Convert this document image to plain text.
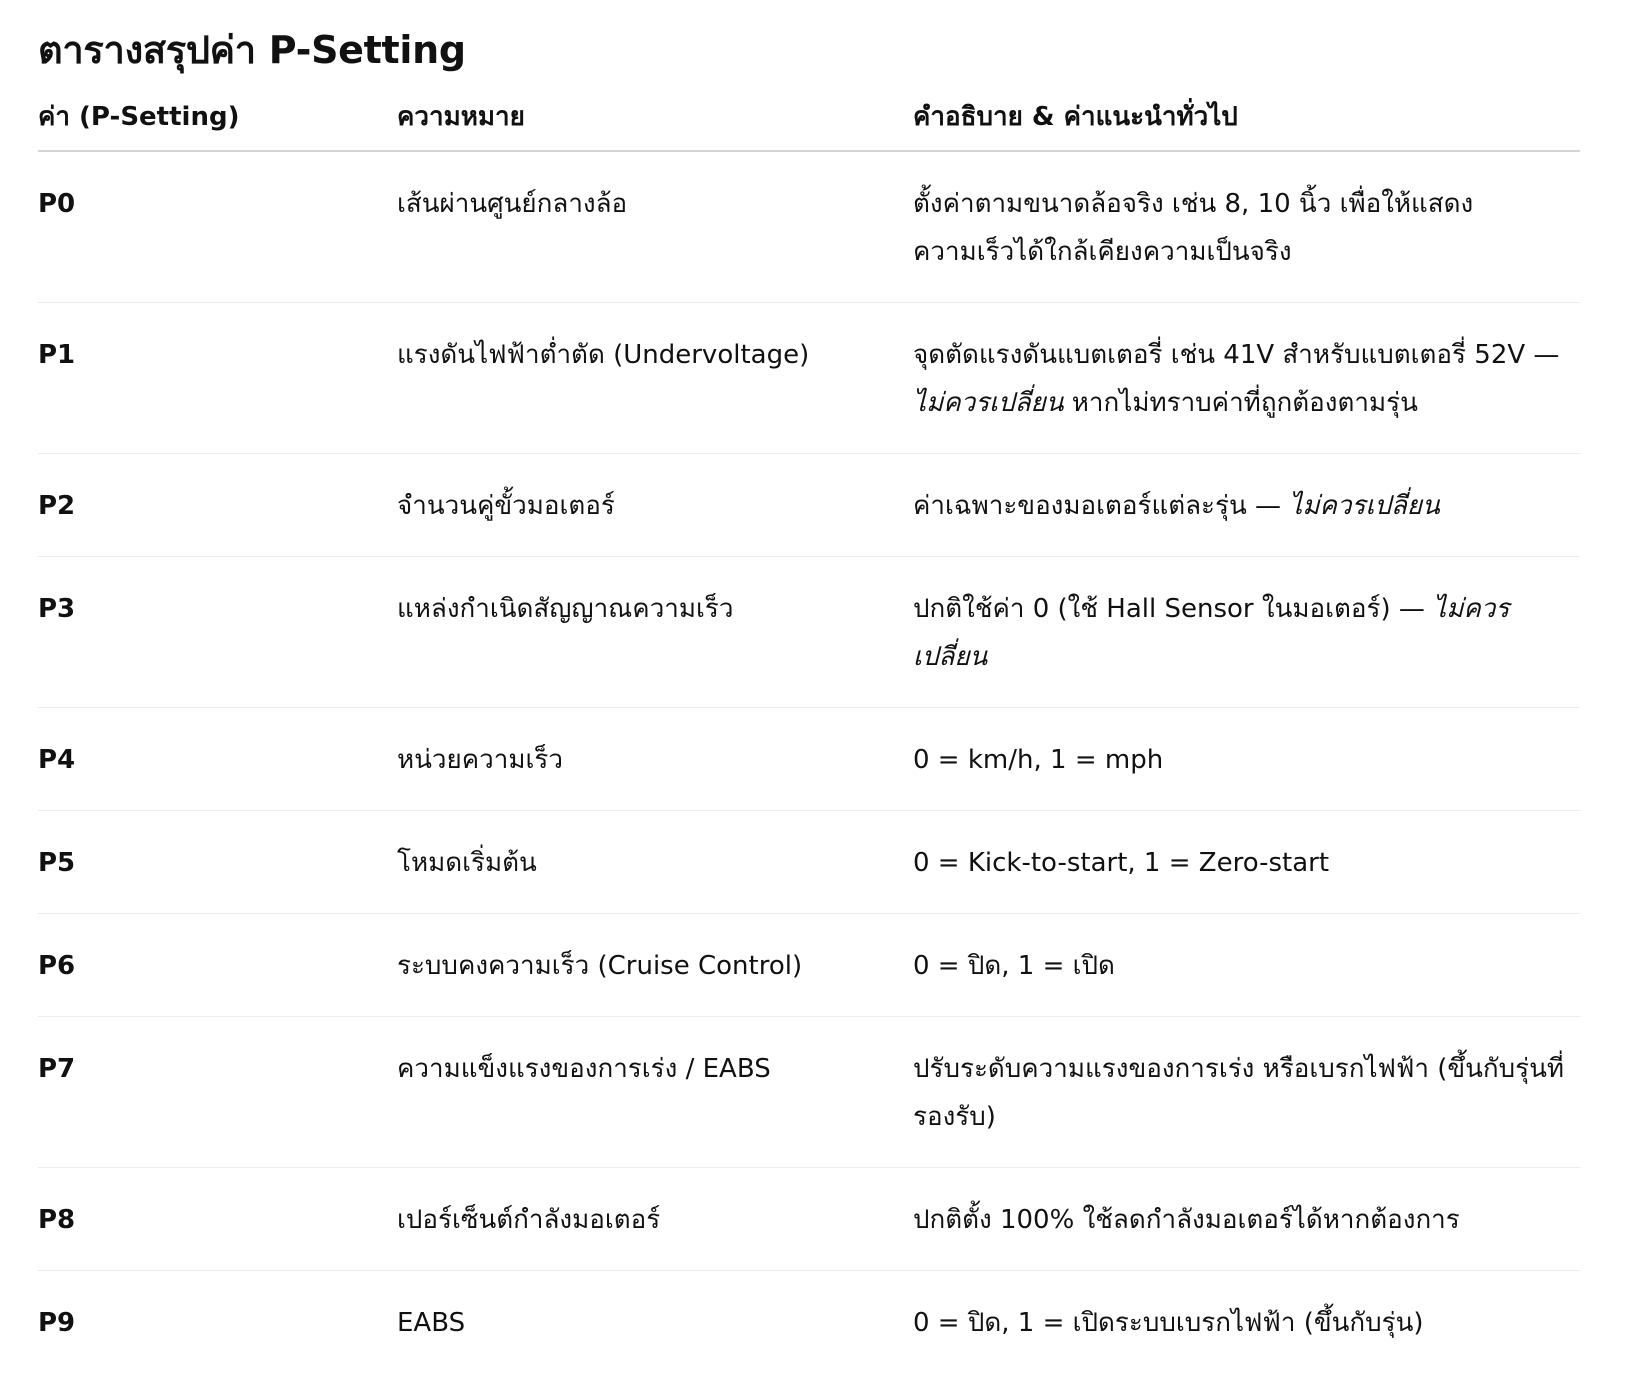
ตารางสรุปค่า P-Setting
ค่า (P-Setting)	ความหมาย	คำอธิบาย & ค่าแนะนำทั่วไป
P0	เส้นผ่านศูนย์กลางล้อ	ตั้งค่าตามขนาดล้อจริง เช่น 8, 10 นิ้ว เพื่อให้แสดงความเร็วได้ใกล้เคียงความเป็นจริง
P1	แรงดันไฟฟ้าต่ำตัด (Undervoltage)	จุดตัดแรงดันแบตเตอรี่ เช่น 41V สำหรับแบตเตอรี่ 52V — ไม่ควรเปลี่ยน หากไม่ทราบค่าที่ถูกต้องตามรุ่น
P2	จำนวนคู่ขั้วมอเตอร์	ค่าเฉพาะของมอเตอร์แต่ละรุ่น — ไม่ควรเปลี่ยน
P3	แหล่งกำเนิดสัญญาณความเร็ว	ปกติใช้ค่า 0 (ใช้ Hall Sensor ในมอเตอร์) — ไม่ควรเปลี่ยน
P4	หน่วยความเร็ว	0 = km/h, 1 = mph
P5	โหมดเริ่มต้น	0 = Kick-to-start, 1 = Zero-start
P6	ระบบคงความเร็ว (Cruise Control)	0 = ปิด, 1 = เปิด
P7	ความแข็งแรงของการเร่ง / EABS	ปรับระดับความแรงของการเร่ง หรือเบรกไฟฟ้า (ขึ้นกับรุ่นที่รองรับ)
P8	เปอร์เซ็นต์กำลังมอเตอร์	ปกติตั้ง 100% ใช้ลดกำลังมอเตอร์ได้หากต้องการ
P9	EABS	0 = ปิด, 1 = เปิดระบบเบรกไฟฟ้า (ขึ้นกับรุ่น)
